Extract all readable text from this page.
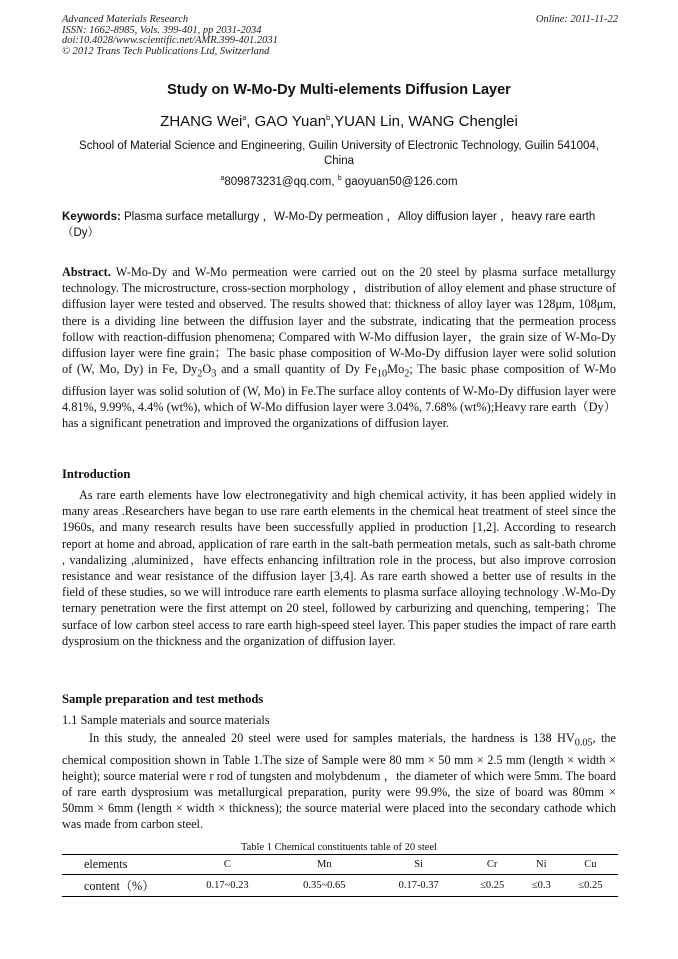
Advanced Materials Research
ISSN: 1662-8985, Vols. 399-401, pp 2031-2034
doi:10.4028/www.scientific.net/AMR.399-401.2031
© 2012 Trans Tech Publications Ltd, Switzerland
Online: 2011-11-22
Study on W-Mo-Dy Multi-elements Diffusion Layer
ZHANG Wei$^a$, GAO Yuan$^b$,YUAN Lin, WANG Chenglei
School of Material Science and Engineering, Guilin University of Electronic Technology, Guilin 541004, China
$^a$809873231@qq.com, $^b$ gaoyuan50@126.com
Keywords: Plasma surface metallurgy ，W-Mo-Dy permeation ，Alloy diffusion layer ，heavy rare earth（Dy）
Abstract. W-Mo-Dy and W-Mo permeation were carried out on the 20 steel by plasma surface metallurgy technology. The microstructure, cross-section morphology ，distribution of alloy element and phase structure of diffusion layer were tested and observed. The results showed that: thickness of alloy layer was 128μm, 108μm, there is a dividing line between the diffusion layer and the substrate, indicating that the permeation process follow with reaction-diffusion phenomena; Compared with W-Mo diffusion layer，the grain size of W-Mo-Dy diffusion layer were fine grain；The basic phase composition of W-Mo-Dy diffusion layer were solid solution of (W, Mo, Dy) in Fe, $Dy_2O_3$ and a small quantity of Dy $Fe_{10}Mo_2$; The basic phase composition of W-Mo diffusion layer was solid solution of (W, Mo) in Fe.The surface alloy contents of W-Mo-Dy diffusion layer were 4.81%, 9.99%, 4.4% (wt%), which of W-Mo diffusion layer were 3.04%, 7.68% (wt%);Heavy rare earth（Dy）has a significant penetration and improved the organizations of diffusion layer.
Introduction
As rare earth elements have low electronegativity and high chemical activity, it has been applied widely in many areas .Researchers have began to use rare earth elements in the chemical heat treatment of steel since the 1960s, and many research results have been successfully applied in production [1,2]. According to research report at home and abroad, application of rare earth in the salt-bath permeation metals, such as salt-bath chrome , vandalizing ,aluminized，have effects enhancing infiltration role in the process, but also improve corrosion resistance and wear resistance of the diffusion layer [3,4]. As rare earth showed a better use of results in the field of these studies, so we will introduce rare earth elements to plasma surface alloying technology .W-Mo-Dy ternary penetration were the first attempt on 20 steel, followed by carburizing and quenching, tempering；The surface of low carbon steel access to rare earth high-speed steel layer. This paper studies the impact of rare earth dysprosium on the thickness and the organization of diffusion layer.
Sample preparation and test methods
1.1 Sample materials and source materials
In this study, the annealed 20 steel were used for samples materials, the hardness is 138 $HV_{0.05}$, the chemical composition shown in Table 1.The size of Sample were 80 mm × 50 mm × 2.5 mm (length × width × height); source material were r rod of tungsten and molybdenum ，the diameter of which were 5mm. The board of rare earth dysprosium was metallurgical preparation, purity were 99.9%, the size of board was 80mm × 50mm × 6mm (length × width × thickness); the source material were placed into the secondary cathode which was made from carbon steel.
Table 1 Chemical constituents table of 20 steel
elements	C	Mn	Si	Cr	Ni	Cu
content（%）	0.17~0.23	0.35~0.65	0.17-0.37	≤0.25	≤0.3	≤0.25
